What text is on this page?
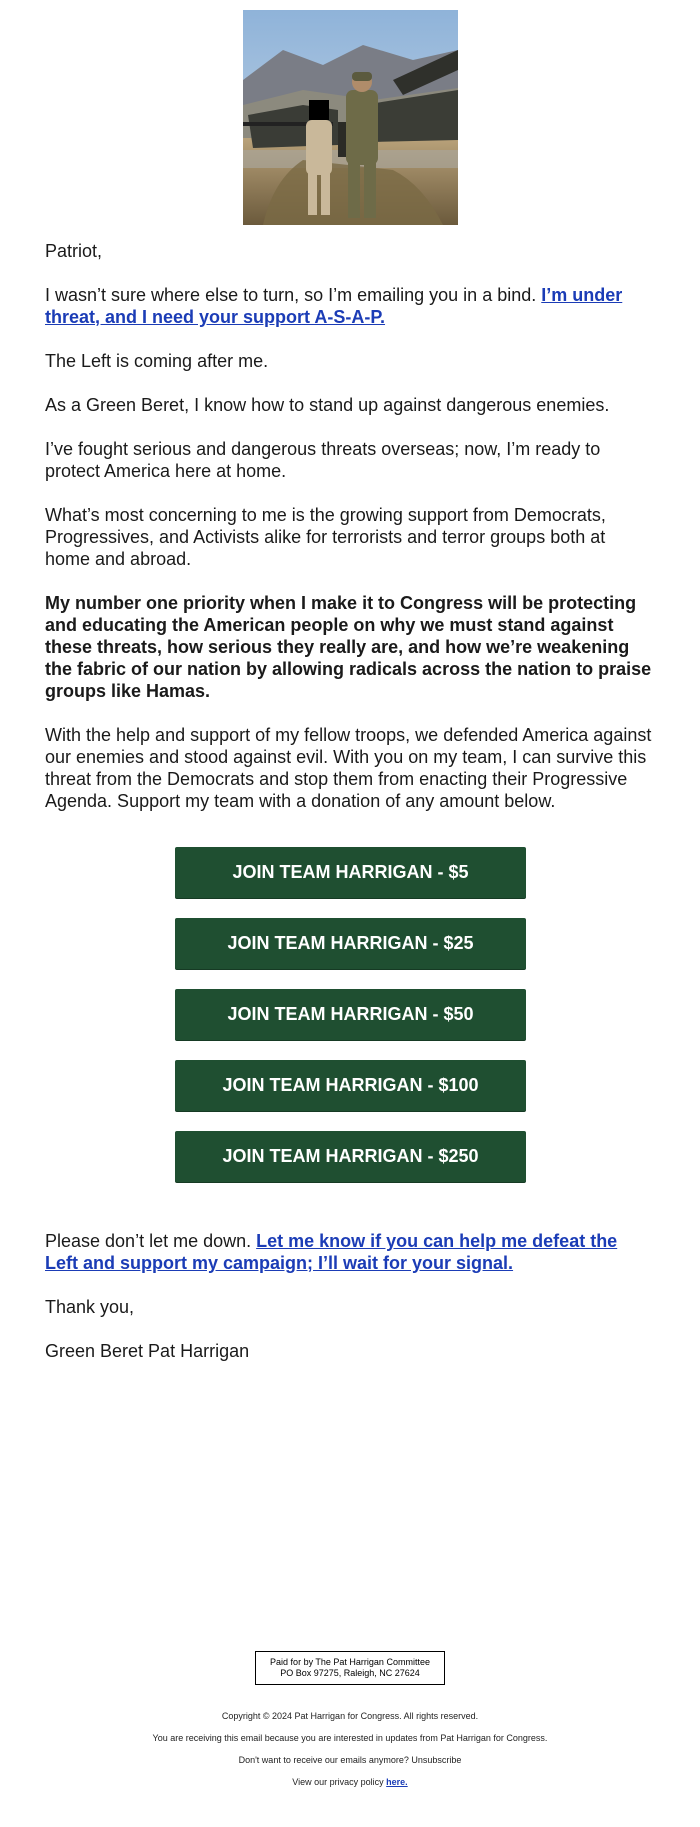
Patriot,

I wasn’t sure where else to turn, so I’m emailing you in a bind. I’m under threat, and I need your support A-S-A-P.

The Left is coming after me.

As a Green Beret, I know how to stand up against dangerous enemies.

I’ve fought serious and dangerous threats overseas; now, I’m ready to protect America here at home.

What’s most concerning to me is the growing support from Democrats, Progressives, and Activists alike for terrorists and terror groups both at home and abroad.

My number one priority when I make it to Congress will be protecting and educating the American people on why we must stand against these threats, how serious they really are, and how we’re weakening the fabric of our nation by allowing radicals across the nation to praise groups like Hamas.

With the help and support of my fellow troops, we defended America against our enemies and stood against evil. With you on my team, I can survive this threat from the Democrats and stop them from enacting their Progressive Agenda. Support my team with a donation of any amount below.

JOIN TEAM HARRIGAN - $5
JOIN TEAM HARRIGAN - $25
JOIN TEAM HARRIGAN - $50
JOIN TEAM HARRIGAN - $100
JOIN TEAM HARRIGAN - $250

Please don’t let me down. Let me know if you can help me defeat the Left and support my campaign; I’ll wait for your signal.

Thank you,

Green Beret Pat Harrigan

Paid for by The Pat Harrigan Committee
PO Box 97275, Raleigh, NC 27624
Copyright © 2024 Pat Harrigan for Congress. All rights reserved.
You are receiving this email because you are interested in updates from Pat Harrigan for Congress.
Don't want to receive our emails anymore? Unsubscribe
View our privacy policy here.
